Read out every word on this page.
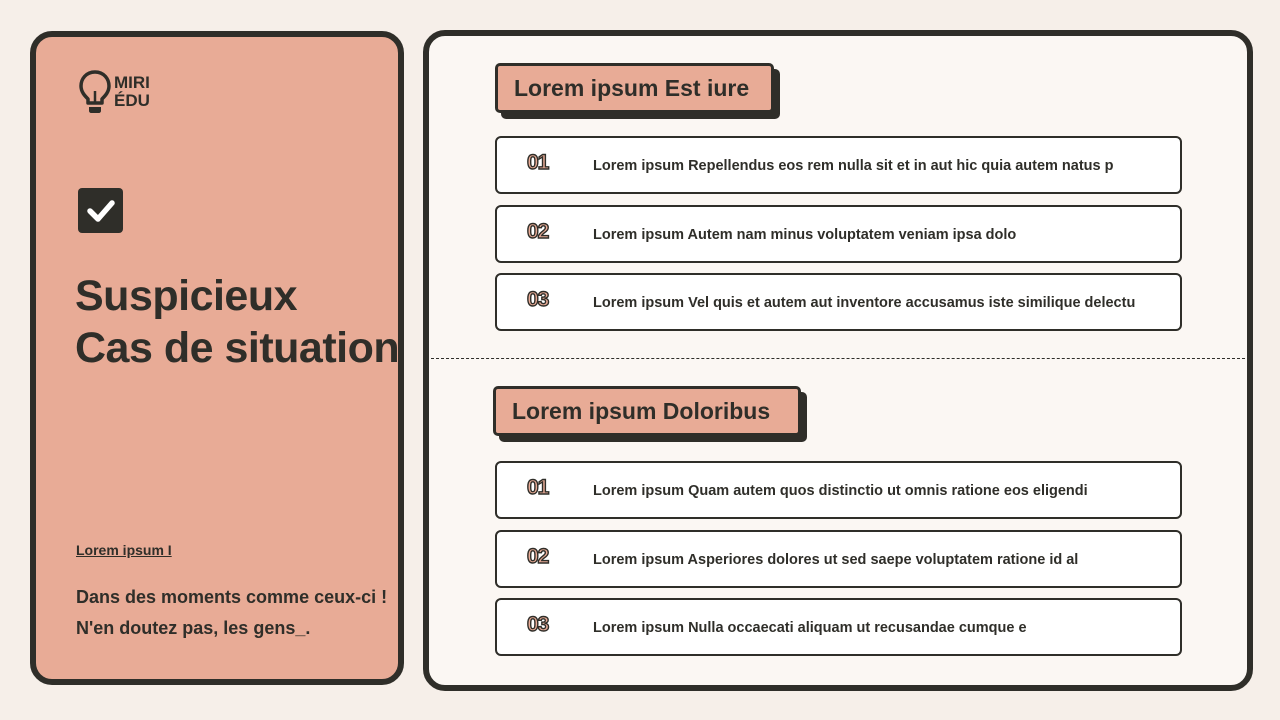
MIRI
ÉDU
Suspicieux
Cas de situation
Lorem ipsum I
Dans des moments comme ceux-ci !
N'en doutez pas, les gens_.
Lorem ipsum Est iure
01	Lorem ipsum Repellendus eos rem nulla sit et in aut hic quia autem natus p
02	Lorem ipsum Autem nam minus voluptatem veniam ipsa dolo
03	Lorem ipsum Vel quis et autem aut inventore accusamus iste similique delectu
Lorem ipsum Doloribus
01	Lorem ipsum Quam autem quos distinctio ut omnis ratione eos eligendi
02	Lorem ipsum Asperiores dolores ut sed saepe voluptatem ratione id al
03	Lorem ipsum Nulla occaecati aliquam ut recusandae cumque e
